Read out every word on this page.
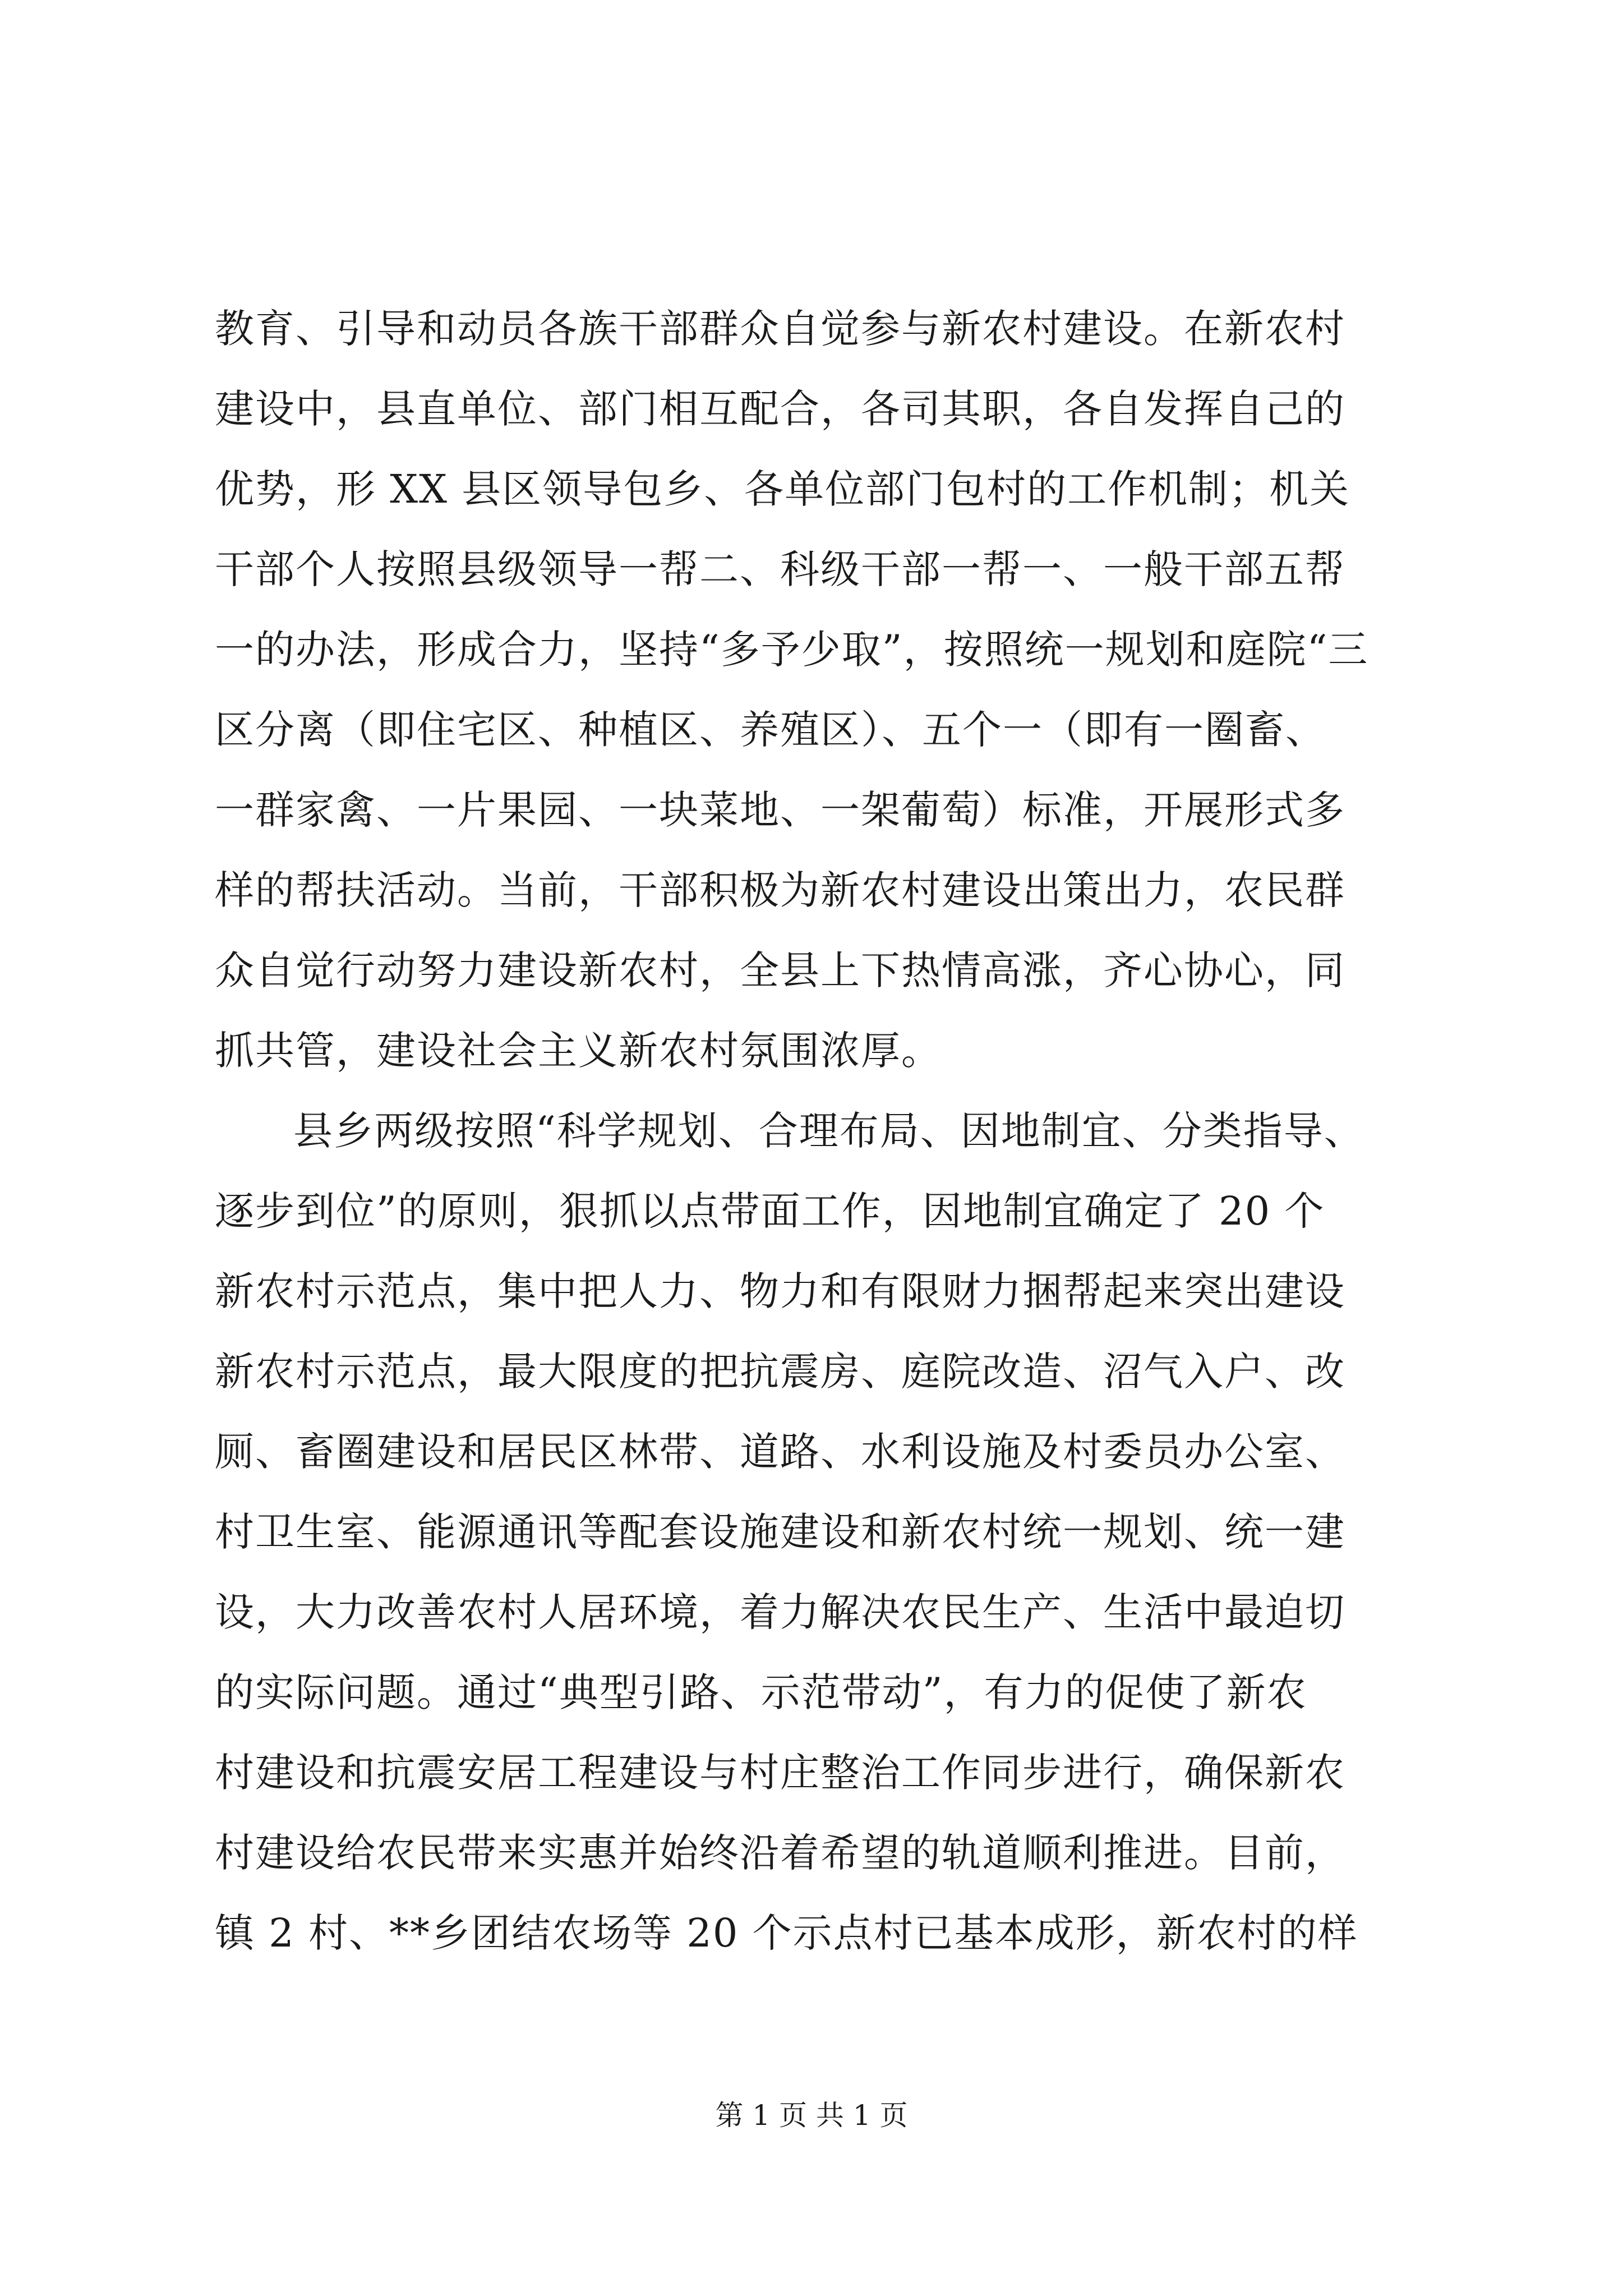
教育、引导和动员各族干部群众自觉参与新农村建设。在新农村
建设中，县直单位、部门相互配合，各司其职，各自发挥自己的
优势，形 XX 县区领导包乡、各单位部门包村的工作机制；机关
干部个人按照县级领导一帮二、科级干部一帮一、一般干部五帮
一的办法，形成合力，坚持“多予少取”，按照统一规划和庭院“三
区分离（即住宅区、种植区、养殖区）、五个一（即有一圈畜、
一群家禽、一片果园、一块菜地、一架葡萄）标准，开展形式多
样的帮扶活动。当前，干部积极为新农村建设出策出力，农民群
众自觉行动努力建设新农村，全县上下热情高涨，齐心协心，同
抓共管，建设社会主义新农村氛围浓厚。
县乡两级按照“科学规划、合理布局、因地制宜、分类指导、
逐步到位”的原则，狠抓以点带面工作，因地制宜确定了 20 个
新农村示范点，集中把人力、物力和有限财力捆帮起来突出建设
新农村示范点，最大限度的把抗震房、庭院改造、沼气入户、改
厕、畜圈建设和居民区林带、道路、水利设施及村委员办公室、
村卫生室、能源通讯等配套设施建设和新农村统一规划、统一建
设，大力改善农村人居环境，着力解决农民生产、生活中最迫切
的实际问题。通过“典型引路、示范带动”，有力的促使了新农
村建设和抗震安居工程建设与村庄整治工作同步进行，确保新农
村建设给农民带来实惠并始终沿着希望的轨道顺利推进。目前，
镇 2 村、**乡团结农场等 20 个示点村已基本成形，新农村的样
第 1 页 共 1 页
